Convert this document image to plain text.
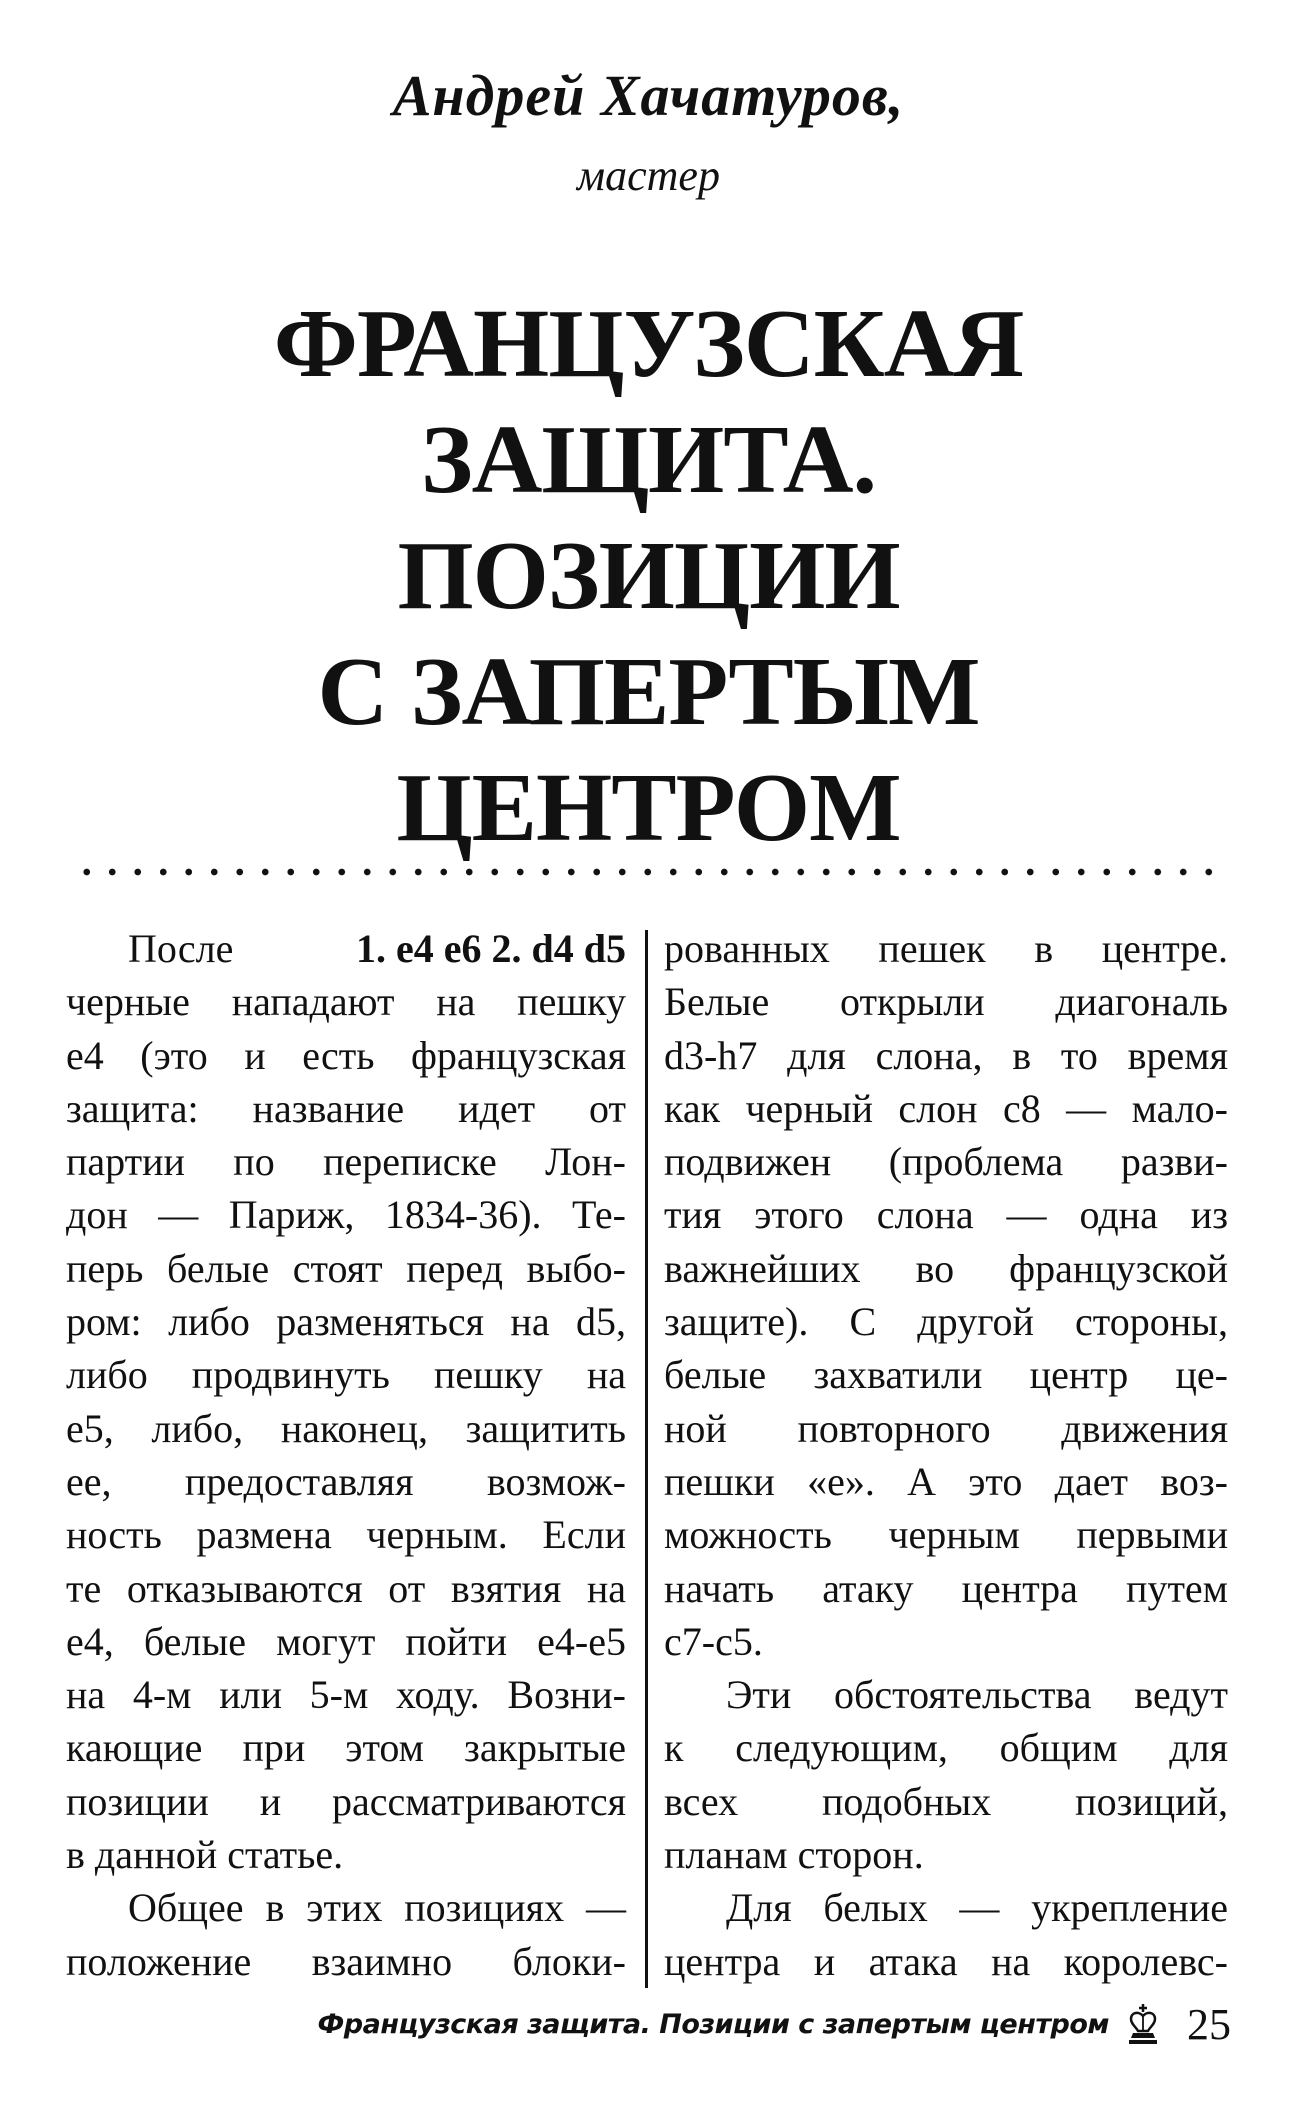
Андрей Хачатуров,
мастер
ФРАНЦУЗСКАЯ
ЗАЩИТА.
ПОЗИЦИИ
С ЗАПЕРТЫМ
ЦЕНТРОМ
После	1. e4 e6 2. d4 d5
черные нападают на пешку
e4 (это и есть французская
защита: название идет от
партии по переписке Лон-
дон — Париж, 1834-36). Те-
перь белые стоят перед выбо-
ром: либо разменяться на d5,
либо продвинуть пешку на
e5, либо, наконец, защитить
ее, предоставляя возмож-
ность размена черным. Если
те отказываются от взятия на
e4, белые могут пойти e4-e5
на 4-м или 5-м ходу. Возни-
кающие при этом закрытые
позиции и рассматриваются
в данной статье.
Общее в этих позициях —
положение взаимно блоки-
рованных пешек в центре.
Белые открыли диагональ
d3-h7 для слона, в то время
как черный слон c8 — мало-
подвижен (проблема разви-
тия этого слона — одна из
важнейших во французской
защите). С другой стороны,
белые захватили центр це-
ной повторного движения
пешки «е». А это дает воз-
можность черным первыми
начать атаку центра путем
c7-c5.
Эти обстоятельства ведут
к следующим, общим для
всех подобных позиций,
планам сторон.
Для белых — укрепление
центра и атака на королевс-
Французская защита. Позиции с запертым центром 25
